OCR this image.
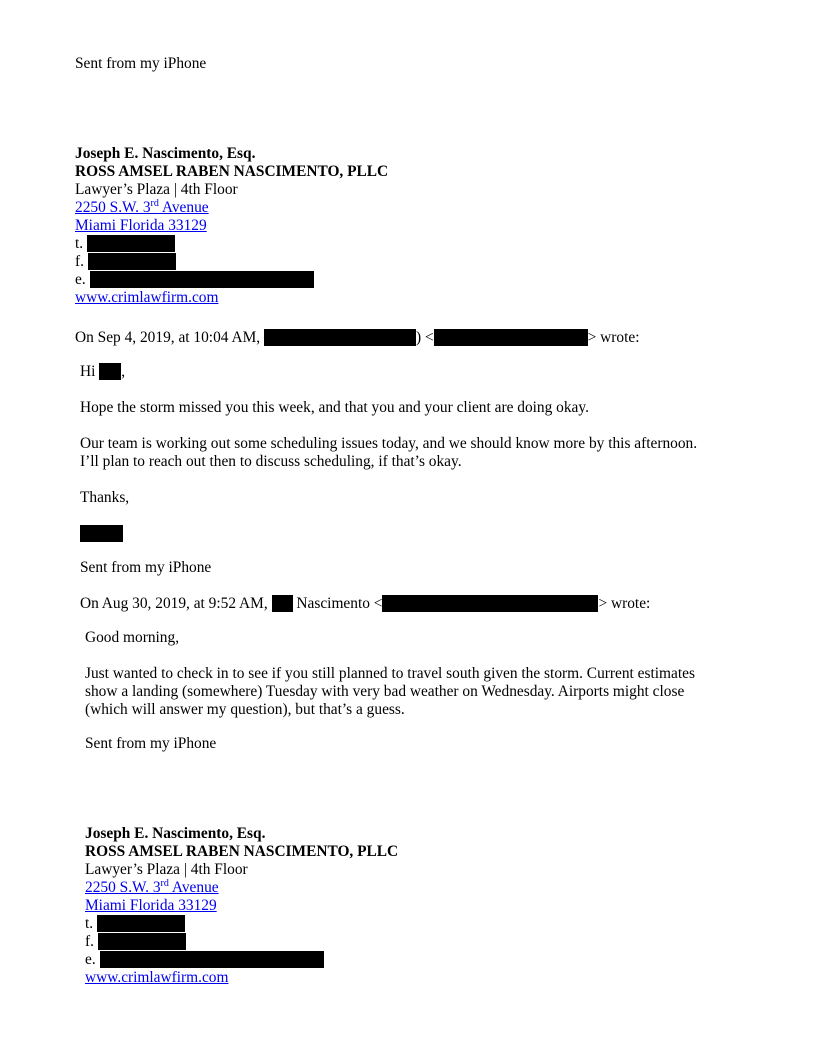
Sent from my iPhone
Joseph E. Nascimento, Esq.
ROSS AMSEL RABEN NASCIMENTO, PLLC
Lawyer’s Plaza | 4th Floor
2250 S.W. 3rd Avenue
Miami Florida 33129
t.
f.
e.
www.crimlawfirm.com
On Sep 4, 2019, at 10:04 AM,	) <	> wrote:
Hi ,
Hope the storm missed you this week, and that you and your client are doing okay.
Our team is working out some scheduling issues today, and we should know more by this afternoon.
I’ll plan to reach out then to discuss scheduling, if that’s okay.
Thanks,
Sent from my iPhone
On Aug 30, 2019, at 9:52 AM, Nascimento <	> wrote:
Good morning,
Just wanted to check in to see if you still planned to travel south given the storm. Current estimates
show a landing (somewhere) Tuesday with very bad weather on Wednesday. Airports might close
(which will answer my question), but that’s a guess.
Sent from my iPhone
Joseph E. Nascimento, Esq.
ROSS AMSEL RABEN NASCIMENTO, PLLC
Lawyer’s Plaza | 4th Floor
2250 S.W. 3rd Avenue
Miami Florida 33129
t.
f.
e.
www.crimlawfirm.com
